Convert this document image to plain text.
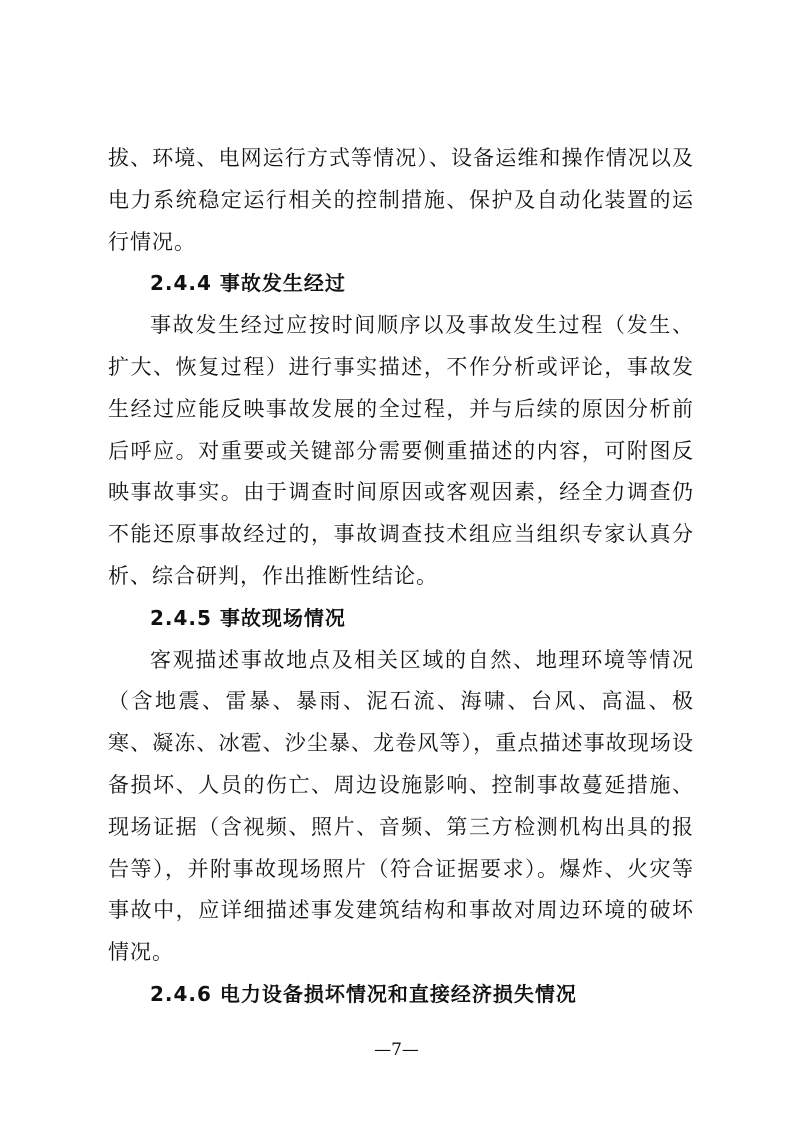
拔、环境、电网运行方式等情况）、设备运维和操作情况以及电力系统稳定运行相关的控制措施、保护及自动化装置的运行情况。

2.4.4 事故发生经过

事故发生经过应按时间顺序以及事故发生过程（发生、扩大、恢复过程）进行事实描述，不作分析或评论，事故发生经过应能反映事故发展的全过程，并与后续的原因分析前后呼应。对重要或关键部分需要侧重描述的内容，可附图反映事故事实。由于调查时间原因或客观因素，经全力调查仍不能还原事故经过的，事故调查技术组应当组织专家认真分析、综合研判，作出推断性结论。

2.4.5 事故现场情况

客观描述事故地点及相关区域的自然、地理环境等情况（含地震、雷暴、暴雨、泥石流、海啸、台风、高温、极寒、凝冻、冰雹、沙尘暴、龙卷风等），重点描述事故现场设备损坏、人员的伤亡、周边设施影响、控制事故蔓延措施、现场证据（含视频、照片、音频、第三方检测机构出具的报告等），并附事故现场照片（符合证据要求）。爆炸、火灾等事故中，应详细描述事发建筑结构和事故对周边环境的破坏情况。

2.4.6 电力设备损坏情况和直接经济损失情况

—7—
